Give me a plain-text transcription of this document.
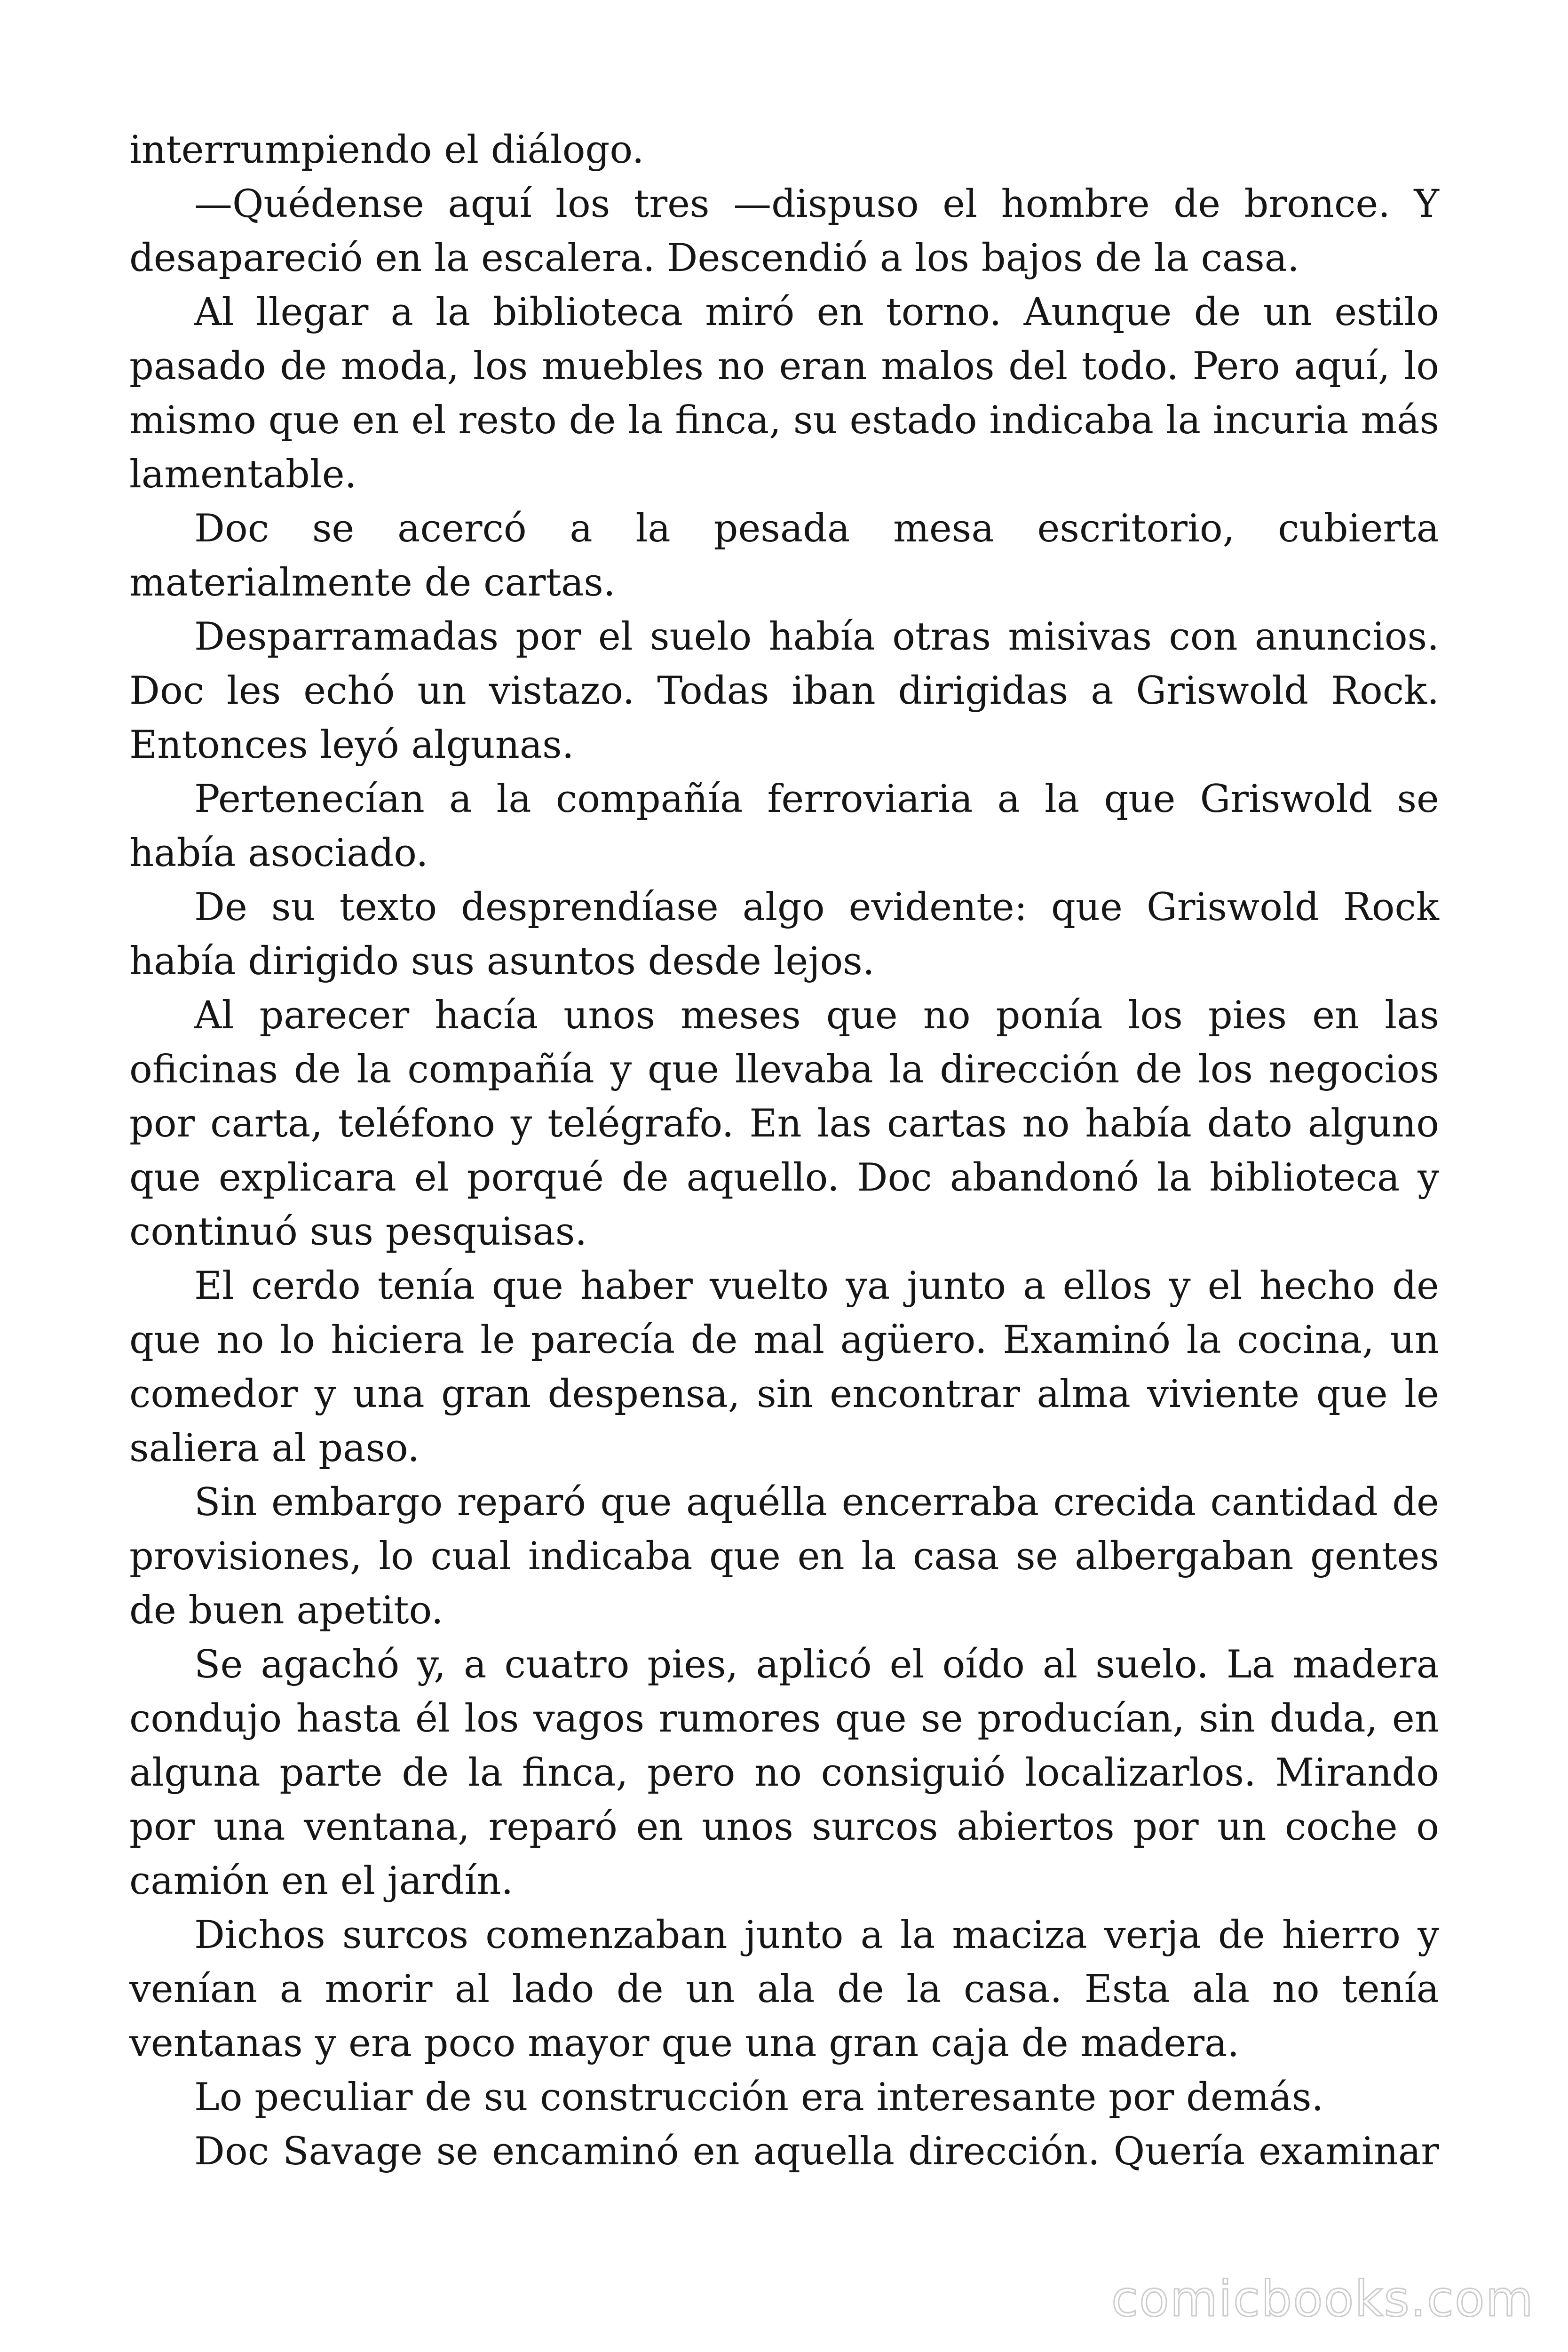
interrumpiendo el diálogo.

—Quédense aquí los tres —dispuso el hombre de bronce. Y desapareció en la escalera. Descendió a los bajos de la casa.

Al llegar a la biblioteca miró en torno. Aunque de un estilo pasado de moda, los muebles no eran malos del todo. Pero aquí, lo mismo que en el resto de la finca, su estado indicaba la incuria más lamentable.

Doc se acercó a la pesada mesa escritorio, cubierta materialmente de cartas.

Desparramadas por el suelo había otras misivas con anuncios. Doc les echó un vistazo. Todas iban dirigidas a Griswold Rock. Entonces leyó algunas.

Pertenecían a la compañía ferroviaria a la que Griswold se había asociado.

De su texto desprendíase algo evidente: que Griswold Rock había dirigido sus asuntos desde lejos.

Al parecer hacía unos meses que no ponía los pies en las oficinas de la compañía y que llevaba la dirección de los negocios por carta, teléfono y telégrafo. En las cartas no había dato alguno que explicara el porqué de aquello. Doc abandonó la biblioteca y continuó sus pesquisas.

El cerdo tenía que haber vuelto ya junto a ellos y el hecho de que no lo hiciera le parecía de mal agüero. Examinó la cocina, un comedor y una gran despensa, sin encontrar alma viviente que le saliera al paso.

Sin embargo reparó que aquélla encerraba crecida cantidad de provisiones, lo cual indicaba que en la casa se albergaban gentes de buen apetito.

Se agachó y, a cuatro pies, aplicó el oído al suelo. La madera condujo hasta él los vagos rumores que se producían, sin duda, en alguna parte de la finca, pero no consiguió localizarlos. Mirando por una ventana, reparó en unos surcos abiertos por un coche o camión en el jardín.

Dichos surcos comenzaban junto a la maciza verja de hierro y venían a morir al lado de un ala de la casa. Esta ala no tenía ventanas y era poco mayor que una gran caja de madera.

Lo peculiar de su construcción era interesante por demás.

Doc Savage se encaminó en aquella dirección. Quería examinar

comicbooks.com
